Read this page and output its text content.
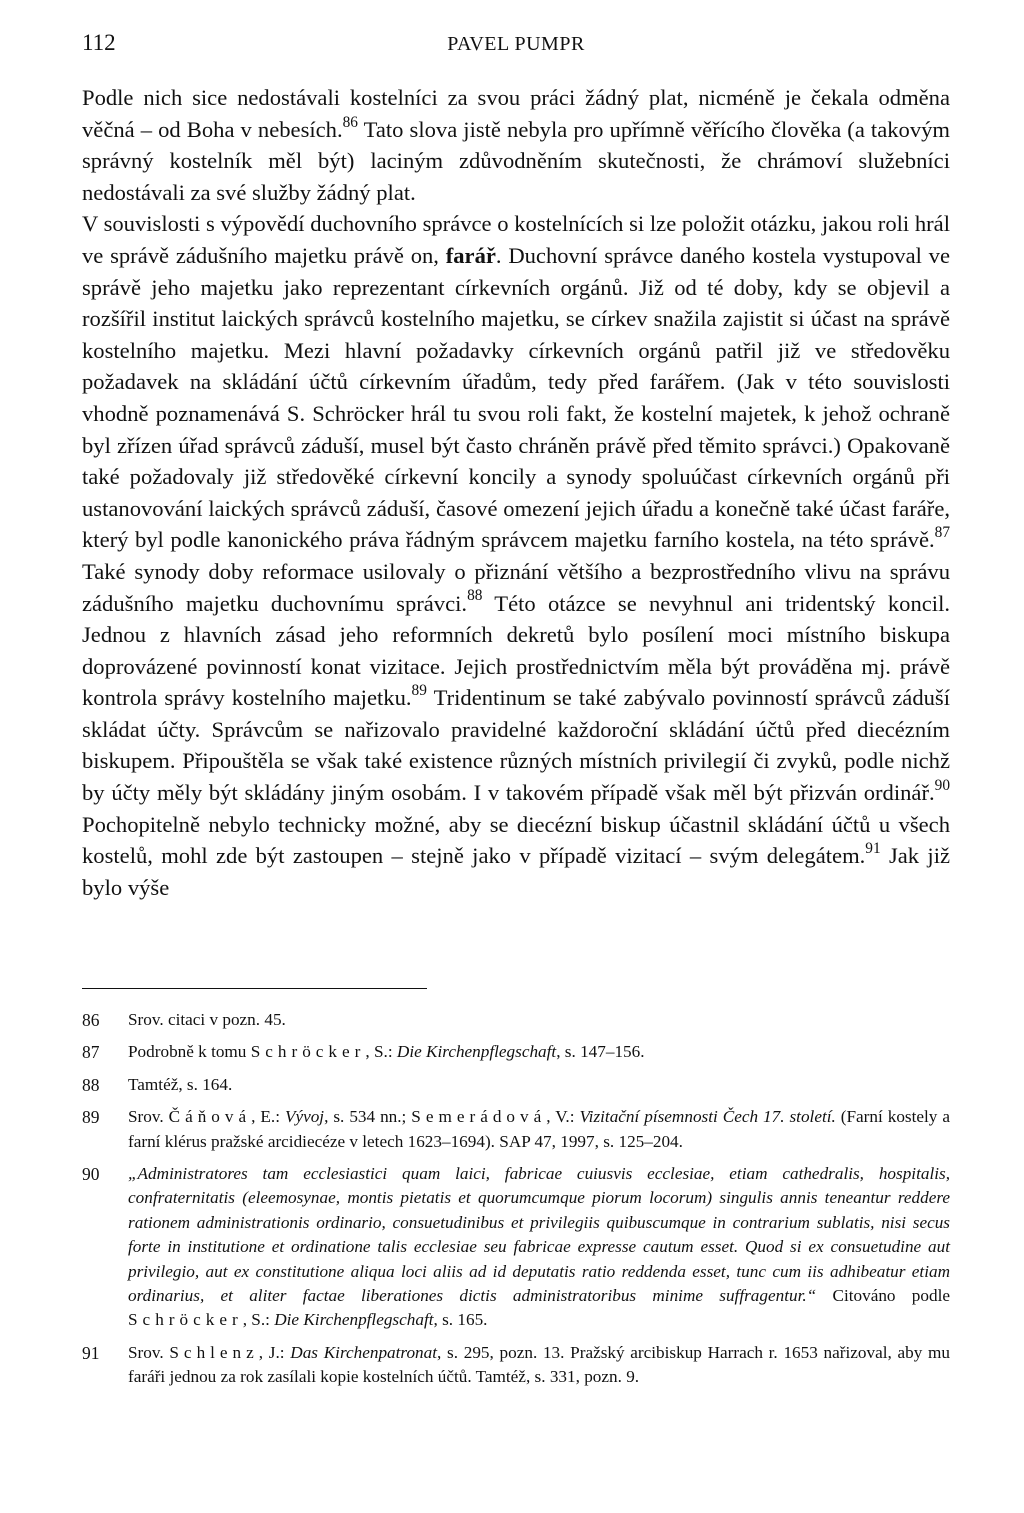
112	PAVEL PUMPR

Podle nich sice nedostávali kostelníci za svou práci žádný plat, nicméně je čekala odměna věčná – od Boha v nebesích.$^{86}$ Tato slova jistě nebyla pro upřímně věřícího člověka (a takovým správný kostelník měl být) laciným zdůvodněním skutečnosti, že chrámoví služebníci nedostávali za své služby žádný plat.

V souvislosti s výpovědí duchovního správce o kostelnících si lze položit otázku, jakou roli hrál ve správě zádušního majetku právě on, farář. Duchovní správce daného kostela vystupoval ve správě jeho majetku jako reprezentant církevních orgánů. Již od té doby, kdy se objevil a rozšířil institut laických správců kostelního majetku, se církev snažila zajistit si účast na správě kostelního majetku. Mezi hlavní požadavky církevních orgánů patřil již ve středověku požadavek na skládání účtů církevním úřadům, tedy před farářem. (Jak v této souvislosti vhodně poznamenává S. Schröcker hrál tu svou roli fakt, že kostelní majetek, k jehož ochraně byl zřízen úřad správců záduší, musel být často chráněn právě před těmito správci.) Opakovaně také požadovaly již středověké církevní koncily a synody spoluúčast církevních orgánů při ustanovování laických správců záduší, časové omezení jejich úřadu a konečně také účast faráře, který byl podle kanonického práva řádným správcem majetku farního kostela, na této správě.$^{87}$ Také synody doby reformace usilovaly o přiznání většího a bezprostředního vlivu na správu zádušního majetku duchovnímu správci.$^{88}$ Této otázce se nevyhnul ani tridentský koncil. Jednou z hlavních zásad jeho reformních dekretů bylo posílení moci místního biskupa doprovázené povinností konat vizitace. Jejich prostřednictvím měla být prováděna mj. právě kontrola správy kostelního majetku.$^{89}$ Tridentinum se také zabývalo povinností správců záduší skládat účty. Správcům se nařizovalo pravidelné každoroční skládání účtů před diecézním biskupem. Připouštěla se však také existence různých místních privilegií či zvyků, podle nichž by účty měly být skládány jiným osobám. I v takovém případě však měl být přizván ordinář.$^{90}$ Pochopitelně nebylo technicky možné, aby se diecézní biskup účastnil skládání účtů u všech kostelů, mohl zde být zastoupen – stejně jako v případě vizitací – svým delegátem.$^{91}$ Jak již bylo výše

86	Srov. citaci v pozn. 45.
87	Podrobně k tomu Schröcker, S.: Die Kirchenpflegschaft, s. 147–156.
88	Tamtéž, s. 164.
89	Srov. Čáňová, E.: Vývoj, s. 534 nn.; Semerádová, V.: Vizitační písemnosti Čech 17. století. (Farní kostely a farní klérus pražské arcidiecéze v letech 1623–1694). SAP 47, 1997, s. 125–204.
90	„Administratores tam ecclesiastici quam laici, fabricae cuiusvis ecclesiae, etiam cathedralis, hospitalis, confraternitatis (eleemosynae, montis pietatis et quorumcumque piorum locorum) singulis annis teneantur reddere rationem administrationis ordinario, consuetudinibus et privilegiis quibuscumque in contrarium sublatis, nisi secus forte in institutione et ordinatione talis ecclesiae seu fabricae expresse cautum esset. Quod si ex consuetudine aut privilegio, aut ex constitutione aliqua loci aliis ad id deputatis ratio reddenda esset, tunc cum iis adhibeatur etiam ordinarius, et aliter factae liberationes dictis administratoribus minime suffragentur.“ Citováno podle Schröcker, S.: Die Kirchenpflegschaft, s. 165.
91	Srov. Schlenz, J.: Das Kirchenpatronat, s. 295, pozn. 13. Pražský arcibiskup Harrach r. 1653 nařizoval, aby mu faráři jednou za rok zasílali kopie kostelních účtů. Tamtéž, s. 331, pozn. 9.
